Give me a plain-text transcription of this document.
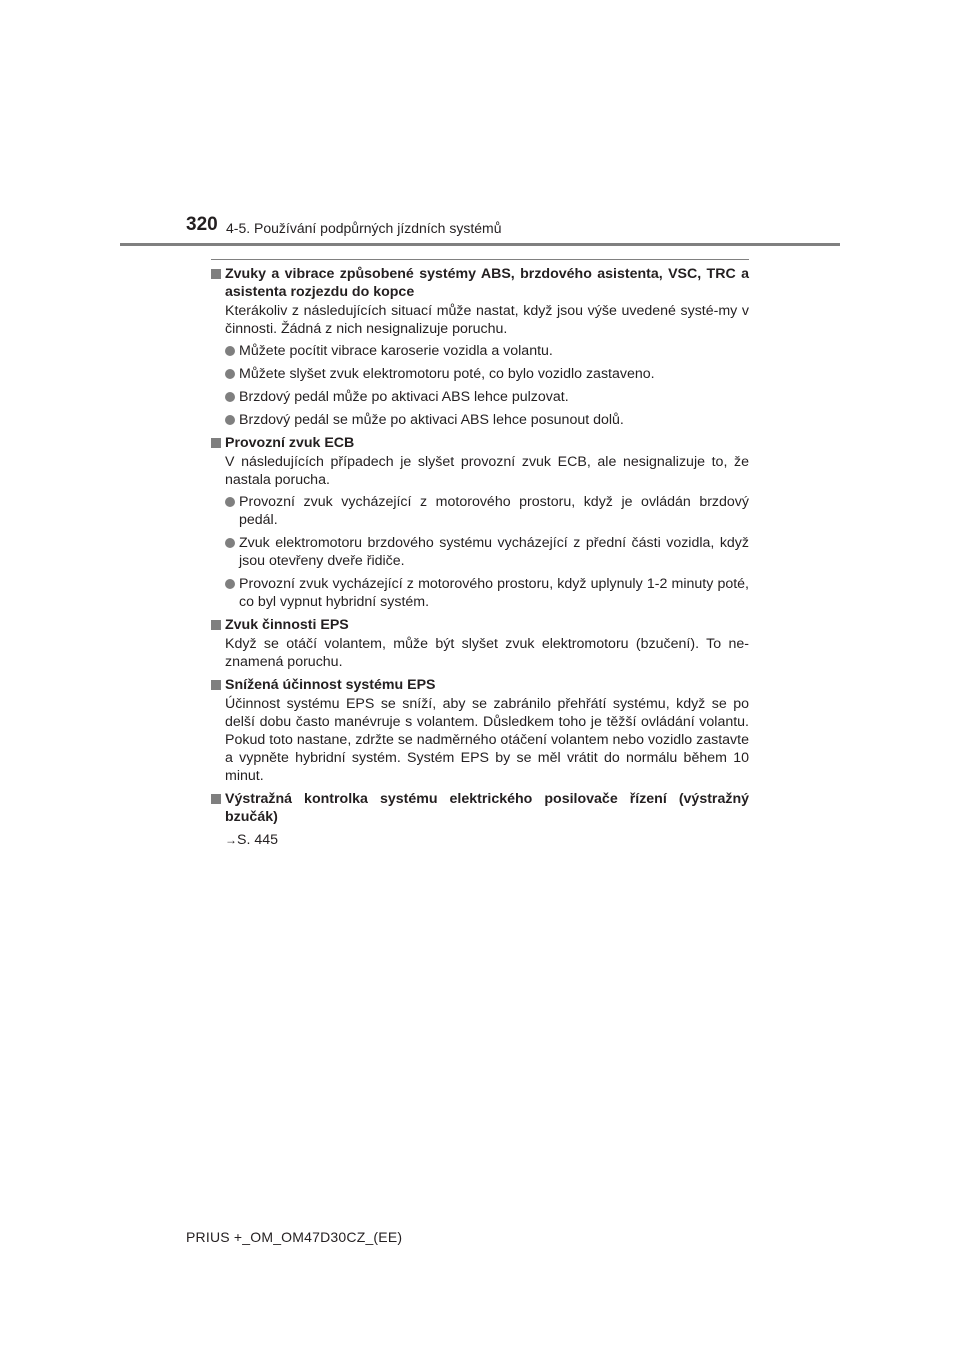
320 4-5. Používání podpůrných jízdních systémů
Zvuky a vibrace způsobené systémy ABS, brzdového asistenta, VSC, TRC a asistenta rozjezdu do kopce
Kterákoliv z následujících situací může nastat, když jsou výše uvedené systé-my v činnosti. Žádná z nich nesignalizuje poruchu.
Můžete pocítit vibrace karoserie vozidla a volantu.
Můžete slyšet zvuk elektromotoru poté, co bylo vozidlo zastaveno.
Brzdový pedál může po aktivaci ABS lehce pulzovat.
Brzdový pedál se může po aktivaci ABS lehce posunout dolů.
Provozní zvuk ECB
V následujících případech je slyšet provozní zvuk ECB, ale nesignalizuje to, že nastala porucha.
Provozní zvuk vycházející z motorového prostoru, když je ovládán brzdový pedál.
Zvuk elektromotoru brzdového systému vycházející z přední části vozidla, když jsou otevřeny dveře řidiče.
Provozní zvuk vycházející z motorového prostoru, když uplynuly 1-2 minuty poté, co byl vypnut hybridní systém.
Zvuk činnosti EPS
Když se otáčí volantem, může být slyšet zvuk elektromotoru (bzučení). To ne-znamená poruchu.
Snížená účinnost systému EPS
Účinnost systému EPS se sníží, aby se zabránilo přehřátí systému, když se po delší dobu často manévruje s volantem. Důsledkem toho je těžší ovládání volantu. Pokud toto nastane, zdržte se nadměrného otáčení volantem nebo vozidlo zastavte a vypněte hybridní systém. Systém EPS by se měl vrátit do normálu během 10 minut.
Výstražná kontrolka systému elektrického posilovače řízení (výstražný bzučák)
→S. 445
PRIUS +_OM_OM47D30CZ_(EE)
